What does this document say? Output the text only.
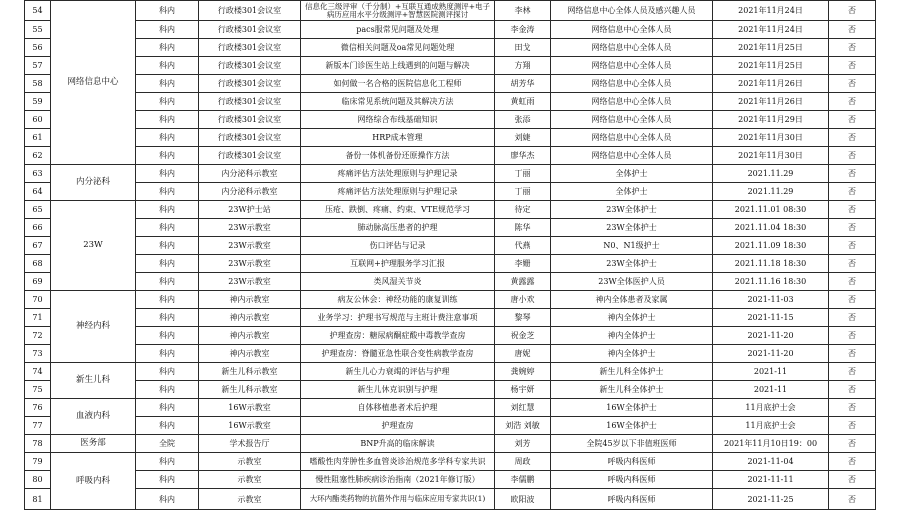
54	网络信息中心	科内	行政楼301会议室	信息化三级评审（千分制）+互联互通成熟度测评+电子病历应用水平分级测评+智慧医院测评探讨	李林	网络信息中心全体人员及感兴趣人员	2021年11月24日	否
55		科内	行政楼301会议室	pacs服常见问题及处理	李金涛	网络信息中心全体人员	2021年11月24日	否
56		科内	行政楼301会议室	微信相关问题及oa常见问题处理	田戈	网络信息中心全体人员	2021年11月25日	否
57		科内	行政楼301会议室	新版本门诊医生站上线遇到的问题与解决	方翔	网络信息中心全体人员	2021年11月25日	否
58		科内	行政楼301会议室	如何做一名合格的医院信息化工程师	胡芳华	网络信息中心全体人员	2021年11月26日	否
59		科内	行政楼301会议室	临床常见系统问题及其解决方法	黄虹雨	网络信息中心全体人员	2021年11月26日	否
60		科内	行政楼301会议室	网络综合布线基础知识	张添	网络信息中心全体人员	2021年11月29日	否
61		科内	行政楼301会议室	HRP成本管理	刘婕	网络信息中心全体人员	2021年11月30日	否
62		科内	行政楼301会议室	备份一体机备份还原操作方法	廖华杰	网络信息中心全体人员	2021年11月30日	否
63	内分泌科	科内	内分泌科示教室	疼痛评估方法处理原则与护理记录	丁丽	全体护士	2021.11.29	否
64		科内	内分泌科示教室	疼痛评估方法处理原则与护理记录	丁丽	全体护士	2021.11.29	否
65	23W	科内	23W护士站	压疮、跌倒、疼痛、约束、VTE规范学习	待定	23W全体护士	2021.11.01 08:30	否
66		科内	23W示教室	肺动脉高压患者的护理	陈华	23W全体护士	2021.11.04 18:30	否
67		科内	23W示教室	伤口评估与记录	代燕	N0、N1级护士	2021.11.09 18:30	否
68		科内	23W示教室	互联网+护理服务学习汇报	李姗	23W全体护士	2021.11.18 18:30	否
69		科内	23W示教室	类风湿关节炎	黄露露	23W全体医护人员	2021.11.16 18:30	否
70	神经内科	科内	神内示教室	病友公休会：神经功能的康复训练	唐小欢	神内全体患者及家属	2021-11-03	否
71		科内	神内示教室	业务学习：护理书写规范与主班计费注意事项	黎琴	神内全体护士	2021-11-15	否
72		科内	神内示教室	护理查房：糖尿病酮症酸中毒教学查房	祝金芝	神内全体护士	2021-11-20	否
73		科内	神内示教室	护理查房：脊髓亚急性联合变性病教学查房	唐妮	神内全体护士	2021-11-20	否
74	新生儿科	科内	新生儿科示教室	新生儿心力衰竭的评估与护理	龚婉婷	新生儿科全体护士	2021-11	否
75		科内	新生儿科示教室	新生儿休克识别与护理	杨宇妍	新生儿科全体护士	2021-11	否
76	血液内科	科内	16W示教室	自体移植患者术后护理	刘红慧	16W全体护士	11月底护士会	否
77		科内	16W示教室	护理查房	刘浩 刘敏	16W全体护士	11月底护士会	否
78	医务部	全院	学术报告厅	BNP升高的临床解读	刘芳	全院45岁以下非值班医师	2021年11月10日19：00	否
79	呼吸内科	科内	示教室	嗜酸性肉芽肿性多血管炎诊治规范多学科专家共识	周政	呼吸内科医师	2021-11-04	否
80		科内	示教室	慢性阻塞性肺疾病诊治指南（2021年修订版）	李儒鹏	呼吸内科医师	2021-11-11	否
81		科内	示教室	大环内酯类药物的抗菌外作用与临床应用专家共识(1)	欧阳波	呼吸内科医师	2021-11-25	否
